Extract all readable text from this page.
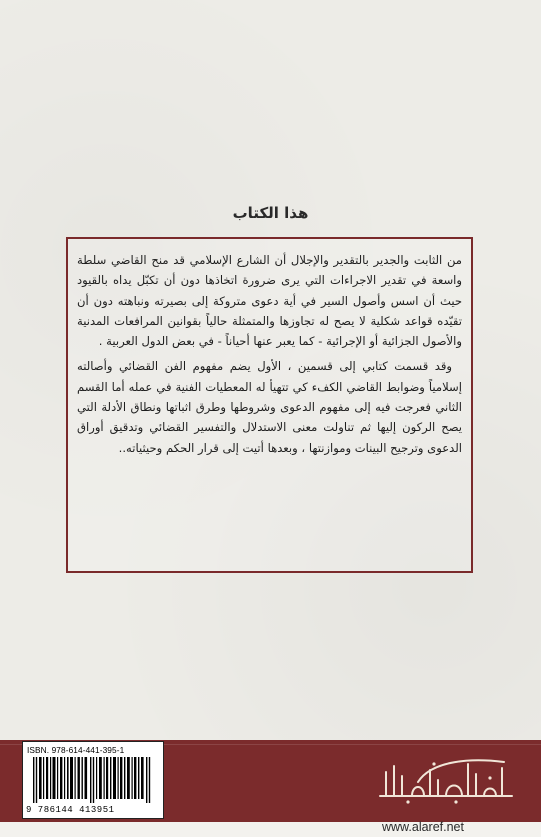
هذا الكتاب

من الثابت والجدير بالتقدير والإجلال أن الشارع الإسلامي قد منح القاضي سلطة واسعة في تقدير الاجراءات التي يرى ضرورة اتخاذها دون أن تكبّل يداه بالقيود حيث أن اسس وأصول السير في أية دعوى متروكة إلى بصيرته ونباهته دون أن تقيّده قواعد شكلية لا يصح له تجاوزها والمتمثلة حالياً بقوانين المرافعات المدنية والأصول الجزائية أو الإجرائية - كما يعبر عنها أحياناً - في بعض الدول العربية .

وقد قسمت كتابي إلى قسمين ، الأول يضم مفهوم الفن القضائي وأصالته إسلامياً وضوابط القاضي الكفء كي تتهيأ له المعطيات الفنية في عمله أما القسم الثاني فعرجت فيه إلى مفهوم الدعوى وشروطها وطرق اثباتها ونطاق الأدلة التي يصح الركون إليها ثم تناولت معنى الاستدلال والتفسير القضائي وتدقيق أوراق الدعوى وترجيح البينات وموازنتها ، وبعدها أتيت إلى قرار الحكم وحيثياته..

ISBN. 978-614-441-395-1
9 786144 413951
www.alaref.net
